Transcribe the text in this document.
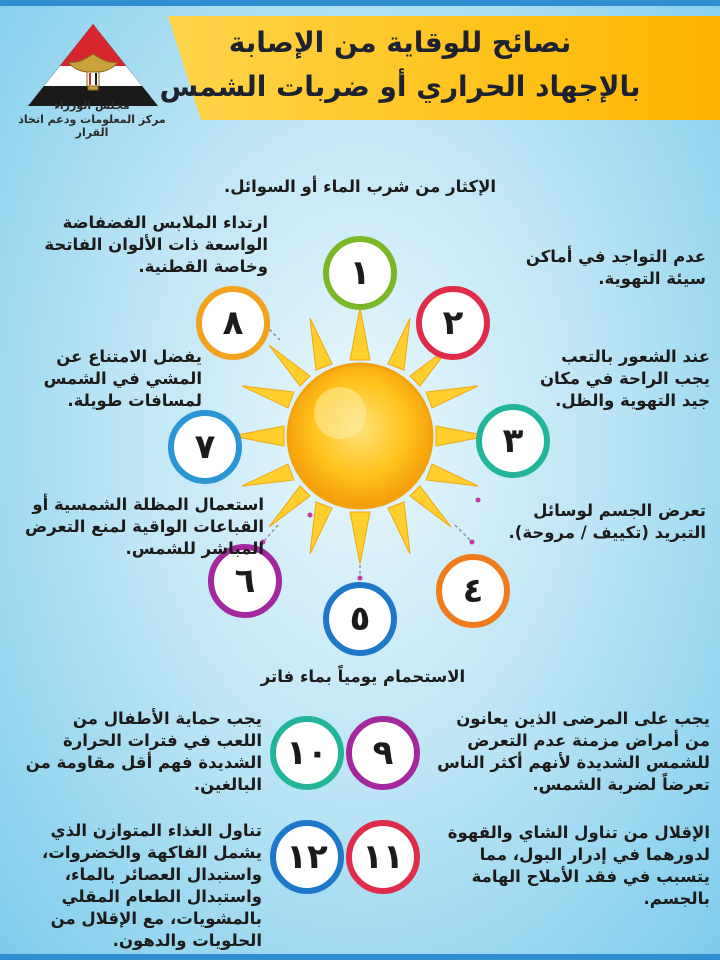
نصائح للوقاية من الإصابة
بالإجهاد الحراري أو ضربات الشمس
مجلس الوزراء
مركز المعلومات ودعم اتخاذ القرار
١
٢
٣
٤
٥
٦
٧
٨
٩
١٠
١١
١٢
الإكثار من شرب الماء أو السوائل.
عدم التواجد في أماكن سيئة التهوية.
عند الشعور بالتعب يجب الراحة في مكان جيد التهوية والظل.
تعرض الجسم لوسائل التبريد (تكييف / مروحة).
الاستحمام يومياً بماء فاتر
استعمال المظلة الشمسية أو القباعات الواقية لمنع التعرض المباشر للشمس.
يفضل الامتناع عن المشي في الشمس لمسافات طويلة.
ارتداء الملابس الفضفاضة الواسعة ذات الألوان الفاتحة وخاصة القطنية.
يجب على المرضى الذين يعانون من أمراض مزمنة عدم التعرض للشمس الشديدة لأنهم أكثر الناس تعرضاً لضربة الشمس.
يجب حماية الأطفال من اللعب في فترات الحرارة الشديدة فهم أقل مقاومة من البالغين.
الإقلال من تناول الشاي والقهوة لدورهما في إدرار البول، مما يتسبب في فقد الأملاح الهامة بالجسم.
تناول الغذاء المتوازن الذي يشمل الفاكهة والخضروات، واستبدال العصائر بالماء، واستبدال الطعام المقلي بالمشويات، مع الإقلال من الحلويات والدهون.
